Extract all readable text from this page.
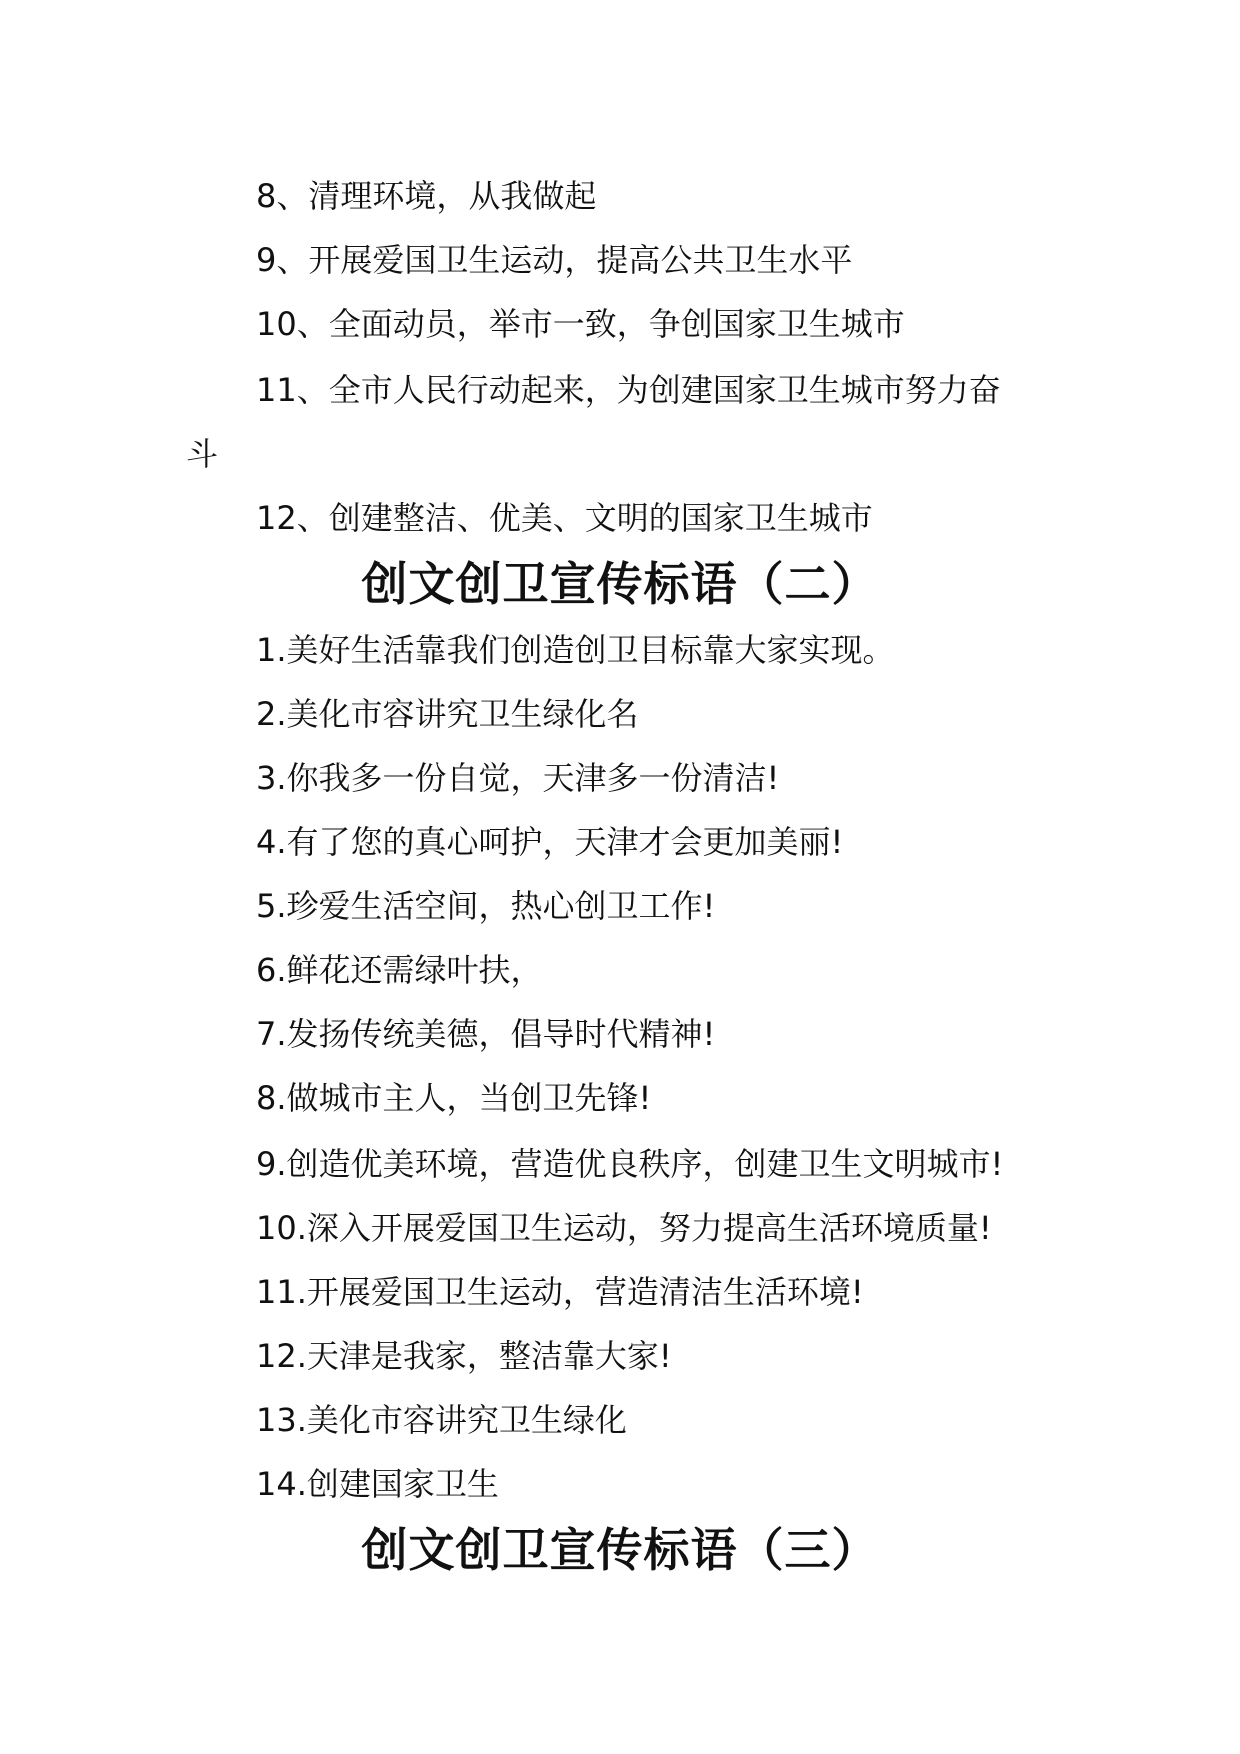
8、清理环境，从我做起
9、开展爱国卫生运动，提高公共卫生水平
10、全面动员，举市一致，争创国家卫生城市
11、全市人民行动起来，为创建国家卫生城市努力奋
斗
12、创建整洁、优美、文明的国家卫生城市
创文创卫宣传标语（二）
1.美好生活靠我们创造创卫目标靠大家实现。
2.美化市容讲究卫生绿化名
3.你我多一份自觉，天津多一份清洁!
4.有了您的真心呵护，天津才会更加美丽!
5.珍爱生活空间，热心创卫工作!
6.鲜花还需绿叶扶，
7.发扬传统美德，倡导时代精神!
8.做城市主人，当创卫先锋!
9.创造优美环境，营造优良秩序，创建卫生文明城市!
10.深入开展爱国卫生运动，努力提高生活环境质量!
11.开展爱国卫生运动，营造清洁生活环境!
12.天津是我家，整洁靠大家!
13.美化市容讲究卫生绿化
14.创建国家卫生
创文创卫宣传标语（三）
